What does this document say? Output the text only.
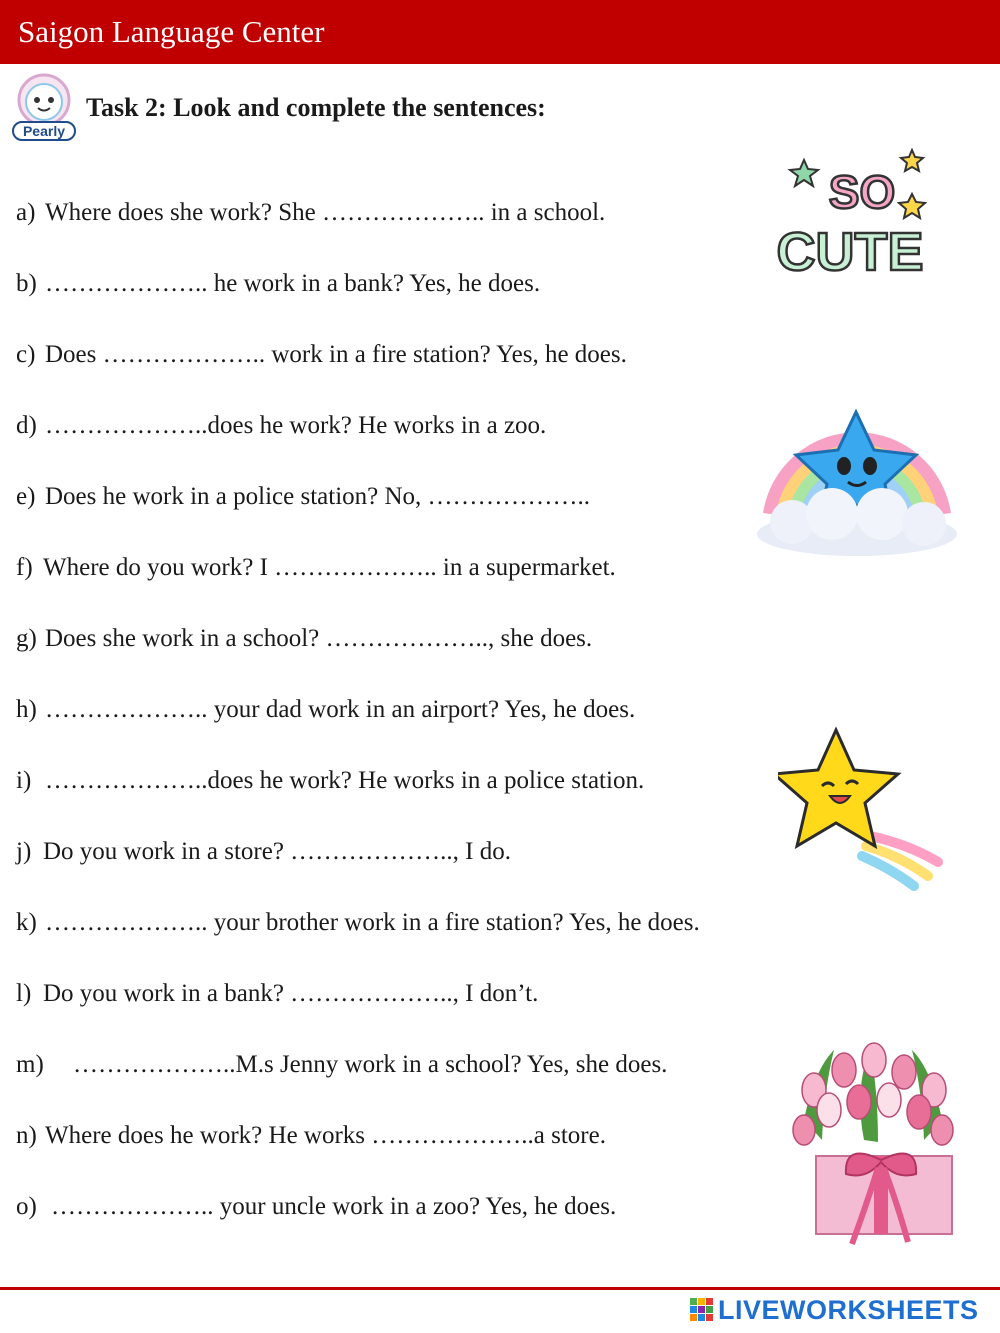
Saigon Language Center
Pearly
Task 2: Look and complete the sentences:
a) Where does she work? She ……………….. in a school.
b) ……………….. he work in a bank? Yes, he does.
c) Does ……………….. work in a fire station? Yes, he does.
d) ………………..does he work? He works in a zoo.
e) Does he work in a police station? No, ………………..
f) Where do you work? I ……………….. in a supermarket.
g) Does she work in a school? ……………….., she does.
h) ……………….. your dad work in an airport? Yes, he does.
i) ………………..does he work? He works in a police station.
j) Do you work in a store? ……………….., I do.
k) ……………….. your brother work in a fire station? Yes, he does.
l) Do you work in a bank? ……………….., I don’t.
m) ………………..M.s Jenny work in a school? Yes, she does.
n) Where does he work? He works ………………..a store.
o) ……………….. your uncle work in a zoo? Yes, he does.
SO
CUTE
LIVEWORKSHEETS
